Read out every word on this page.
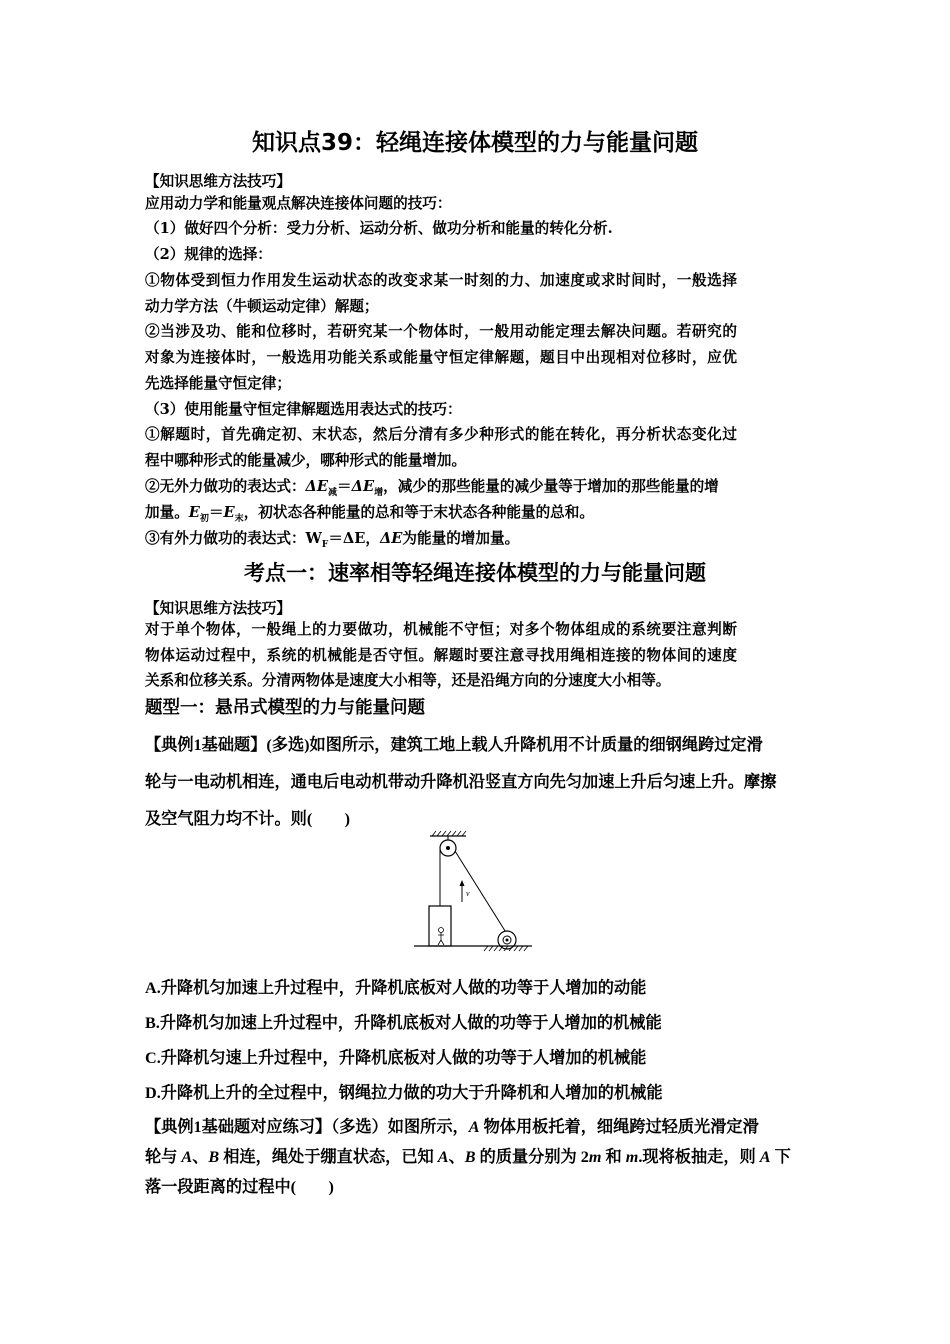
知识点39：轻绳连接体模型的力与能量问题
【知识思维方法技巧】
应用动力学和能量观点解决连接体问题的技巧：
（1）做好四个分析：受力分析、运动分析、做功分析和能量的转化分析.
（2）规律的选择：
①物体受到恒力作用发生运动状态的改变求某一时刻的力、加速度或求时间时，一般选择
动力学方法（牛顿运动定律）解题；
②当涉及功、能和位移时，若研究某一个物体时，一般用动能定理去解决问题。若研究的
对象为连接体时，一般选用功能关系或能量守恒定律解题，题目中出现相对位移时，应优
先选择能量守恒定律；
（3）使用能量守恒定律解题选用表达式的技巧：
①解题时，首先确定初、末状态，然后分清有多少种形式的能在转化，再分析状态变化过
程中哪种形式的能量减少，哪种形式的能量增加。
②无外力做功的表达式：$\Delta E_减=\Delta E_增$，减少的那些能量的减少量等于增加的那些能量的增
加量。$E_初=E_末$，初状态各种能量的总和等于末状态各种能量的总和。
③有外力做功的表达式：$W_F=\Delta E$，ΔE为能量的增加量。
考点一：速率相等轻绳连接体模型的力与能量问题
【知识思维方法技巧】
对于单个物体，一般绳上的力要做功，机械能不守恒；对多个物体组成的系统要注意判断
物体运动过程中，系统的机械能是否守恒。解题时要注意寻找用绳相连接的物体间的速度
关系和位移关系。分清两物体是速度大小相等，还是沿绳方向的分速度大小相等。
题型一：悬吊式模型的力与能量问题
【典例1基础题】(多选)如图所示，建筑工地上载人升降机用不计质量的细钢绳跨过定滑
轮与一电动机相连，通电后电动机带动升降机沿竖直方向先匀加速上升后匀速上升。摩擦
及空气阻力均不计。则(　　)
v
A.升降机匀加速上升过程中，升降机底板对人做的功等于人增加的动能
B.升降机匀加速上升过程中，升降机底板对人做的功等于人增加的机械能
C.升降机匀速上升过程中，升降机底板对人做的功等于人增加的机械能
D.升降机上升的全过程中，钢绳拉力做的功大于升降机和人增加的机械能
【典例1基础题对应练习】（多选）如图所示，A 物体用板托着，细绳跨过轻质光滑定滑
轮与 A、B 相连，绳处于绷直状态，已知 A、B 的质量分别为 2m 和 m.现将板抽走，则 A 下
落一段距离的过程中(　　)
